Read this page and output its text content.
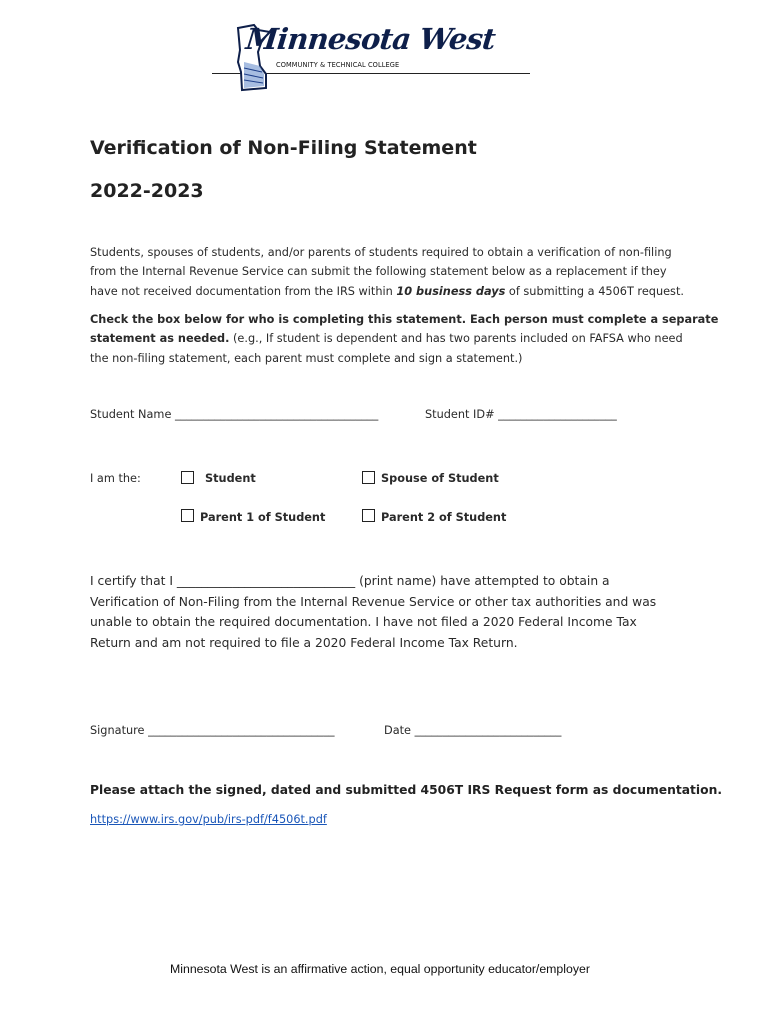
Minnesota West
COMMUNITY & TECHNICAL COLLEGE
Verification of Non-Filing Statement
2022-2023

Students, spouses of students, and/or parents of students required to obtain a verification of non-filing

from the Internal Revenue Service can submit the following statement below as a replacement if they

have not received documentation from the IRS within 10 business days of submitting a 4506T request.

Check the box below for who is completing this statement. Each person must complete a separate

statement as needed. (e.g., If student is dependent and has two parents included on FAFSA who need

the non-filing statement, each parent must complete and sign a statement.)

Student Name ____________________________________	Student ID# _____________________
I am the:	Student	Spouse of Student
Parent 1 of Student	Parent 2 of Student

I certify that I _____________________________ (print name) have attempted to obtain a

Verification of Non-Filing from the Internal Revenue Service or other tax authorities and was

unable to obtain the required documentation. I have not filed a 2020 Federal Income Tax

Return and am not required to file a 2020 Federal Income Tax Return.

Signature _________________________________	Date __________________________
Please attach the signed, dated and submitted 4506T IRS Request form as documentation.
https://www.irs.gov/pub/irs-pdf/f4506t.pdf
Minnesota West is an affirmative action, equal opportunity educator/employer
